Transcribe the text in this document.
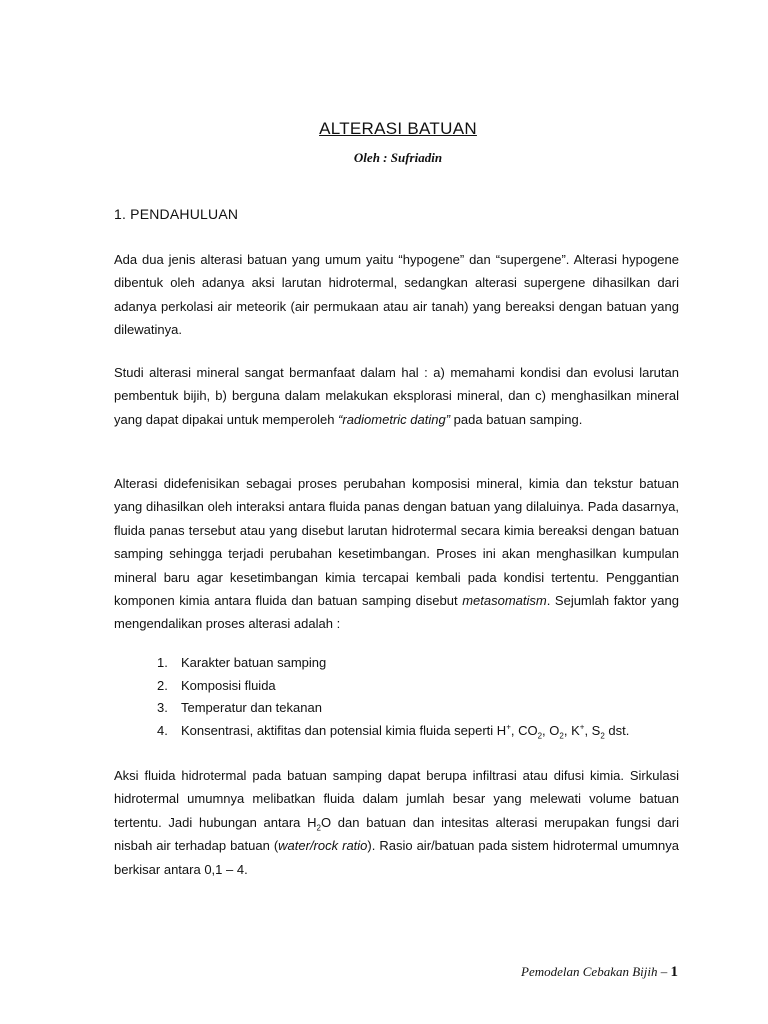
ALTERASI BATUAN
Oleh : Sufriadin
1. PENDAHULUAN

Ada dua jenis alterasi batuan yang umum yaitu “hypogene” dan “supergene”. Alterasi hypogene dibentuk oleh adanya aksi larutan hidrotermal, sedangkan alterasi supergene dihasilkan dari adanya perkolasi air meteorik (air permukaan atau air tanah) yang bereaksi dengan batuan yang dilewatinya.

Studi alterasi mineral sangat bermanfaat dalam hal : a) memahami kondisi dan evolusi larutan pembentuk bijih, b) berguna dalam melakukan eksplorasi mineral, dan c) menghasilkan mineral yang dapat dipakai untuk memperoleh “radiometric dating” pada batuan samping.

Alterasi didefenisikan sebagai proses perubahan komposisi mineral, kimia dan tekstur batuan yang dihasilkan oleh interaksi antara fluida panas dengan batuan yang dilaluinya. Pada dasarnya, fluida panas tersebut atau yang disebut larutan hidrotermal secara kimia bereaksi dengan batuan samping sehingga terjadi perubahan kesetimbangan. Proses ini akan menghasilkan kumpulan mineral baru agar kesetimbangan kimia tercapai kembali pada kondisi tertentu. Penggantian komponen kimia antara fluida dan batuan samping disebut metasomatism. Sejumlah faktor yang mengendalikan proses alterasi adalah :

1. Karakter batuan samping
2. Komposisi fluida
3. Temperatur dan tekanan
4. Konsentrasi, aktifitas dan potensial kimia fluida seperti H+, $CO_2$, $O_2$, K+, $S_2$ dst.

Aksi fluida hidrotermal pada batuan samping dapat berupa infiltrasi atau difusi kimia. Sirkulasi hidrotermal umumnya melibatkan fluida dalam jumlah besar yang melewati volume batuan tertentu. Jadi hubungan antara $H_2O$ dan batuan dan intesitas alterasi merupakan fungsi dari nisbah air terhadap batuan (water/rock ratio). Rasio air/batuan pada sistem hidrotermal umumnya berkisar antara 0,1 – 4.

Pemodelan Cebakan Bijih – 1
